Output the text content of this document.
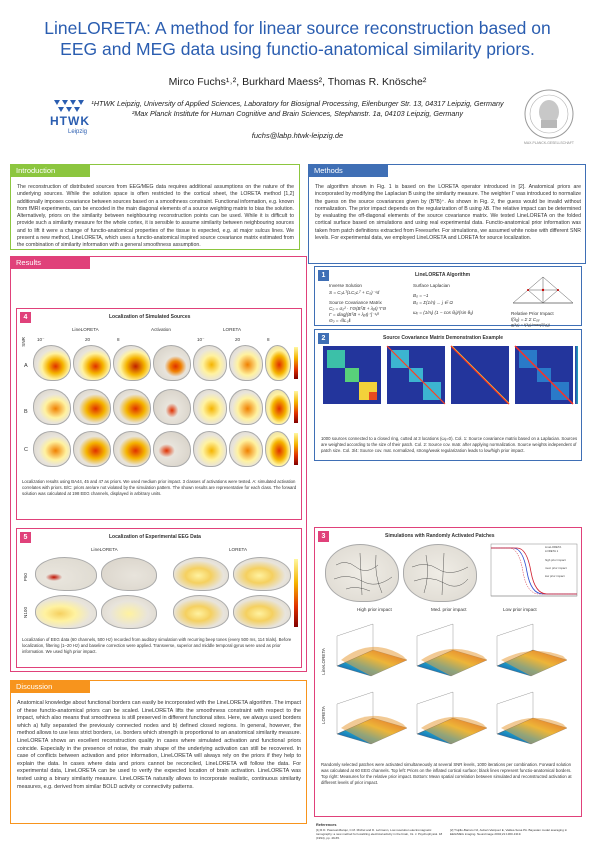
LineLORETA: A method for linear source reconstruction based on
EEG and MEG data using functio-anatomical similarity priors.
Mirco Fuchs¹˒², Burkhard Maess², Thomas R. Knösche²
¹HTWK Leipzig, University of Applied Sciences, Laboratory for Biosignal Processing, Eilenburger Str. 13, 04317 Leipzig, Germany
²Max Planck Institute for Human Cognitive and Brain Sciences, Stephanstr. 1a, 04103 Leipzig, Germany
fuchs@labp.htwk-leipzig.de
HTWK
Leipzig
MAX-PLANCK-GESELLSCHAFT
Introduction
The reconstruction of distributed sources from EEG/MEG data requires additional assumptions on the nature of the underlying sources. While the solution space is often restricted to the cortical sheet, the LORETA method [1,2] additionally imposes covariance between sources based on a smoothness constraint. Functional information, e.g. known from fMRI experiments, can be encoded in the main diagonal elements of a source weighting matrix to bias the solution. Alternatively, priors on the similarity between neighbouring reconstruction points can be used. While it is difficult to provide such a similarity measure for the whole cortex, it is sensible to assume similarity between neighbouring sources and to lift it were a change of functio-anatomical properties of the tissue is expected, e.g. at major sulcus lines. We present a new method, LineLORETA, which uses a functio-anatomical inspired source covariance matrix estimated from the combination of similarity information with a general smoothness assumption.
Methods
The algorithm shown in Fig. 1 is based on the LORETA operator introduced in [2]. Anatomical priors are incorporated by modifying the Laplacian B using the similarity measure. The weighter Γ was introduced to normalize the guess on the source covariances given by (BᵀB)⁺. As shown in Fig. 2, the guess would be invalid without normalization. The prior impact depends on the regularization of B using λB. The relative impact can be determined by evaluating the off-diagonal elements of the source covariance matrix. We tested LineLORETA on the folded cortical surface based on simulations and using real experimental data. Functio-anatomical prior information was taken from patch definitions extracted from Freesurfer. For simulations, we assumed white noise with different SNR levels. For experimental data, we employed LineLORETA and LORETA for source localization.
1	LineLORETA Algorithm
Inverse Solution
S = C₀Lᵀ(LC₀Lᵀ + C₀)⁻¹d
Source Covariance Matrix
C₀ = σ₀² · ΓΘ(BᵀB + λᵦI)⁺ΓΘ
Γ = diag[(BᵀB + λᵦI)⁺]⁻¹/²
Θ₀ = √‖L₀‖
Surface Laplacian
B₀ = −1
B₀ = Σ(1/n) ... j ∈ Ω
ωᵢⱼ = (1/nᵢ) (1 − cos θᵢⱼ)/(sin θᵢⱼ)	Relative Prior Impact
f(λᵦ) = Σ Σ C₀ᵢⱼ
g(λᵦ) = f(λᵦ)/max(f(λᵦ))
2	Source Covariance Matrix Demonstration Example
1000 sources connected to a closed ring, cutted at 3 locations (ωᵢⱼ=0). Col. 1: Source covariance matrix based on a Laplacian. Sources are weighted according to the size of their patch. Col. 2: Source cov. matr. after applying normalization. Source weights independent of patch size. Col. 3/4: Source cov. mat. normalized, strong/weak regularization leads to low/high prior impact.
Results
4	Localization of Simulated Sources
LineLORETA	Activation	LORETA
SNR 10⁻	20	8	10⁻	20	8
A
B
C
Localization results using BA44, 45 and 47 as priors. We used medium prior impact. 3 classes of activations were tested. A: simulated activation correlates with priors. B/C: priors are/are not violated by the simulation pattern. The shown results are representative for each class. The forward solution was calculated at 198 EEG channels, displayed in arbitrary units.
5	Localization of Experimental EEG Data
LineLORETA	LORETA
P50
N100
Localization of EEG data (60 channels, 500 Hz) recorded from auditory simulation with recurring beep tones (every 500 ms, 114 trials). Before localization, filtering (1–20 Hz) and baseline correction were applied. Transverse, superior and middle temporal gyrus were used as prior information. We used high prior impact.
3	Simulations with Randomly Activated Patches
LineLORETA
LORETA 1
high prior impact
med. prior impact
low prior impact
High prior impact	Med. prior impact	Low prior impact
LineLORETA
LORETA
Randomly selected patches were activated simultaneously at several SNR levels, 1000 iterations per combination. Forward solution was calculated at 60 EEG channels. Top left: Priors on the inflated cortical surface; black lines represent functio-anatomical borders. Top right: Measures for the relative prior impact. Bottom: Mean spatial correlation between simulated and reconstructed activation at different levels of prior impact.
Discussion
Anatomical knowledge about functional borders can easily be incorporated with the LineLORETA algorithm. The impact of these functio-anatomical priors can be scaled. LineLORETA lifts the smoothness constraint with respect to the impact, which also means that smoothness is still preserved in different functional sites. Here, we always used borders which a) fully separated the previously connected nodes and b) defined closed regions. In general, however, the method allows to use less strict borders, i.e. borders which strength is proportional to an anatomical similarity measure. LineLORETA shows an excellent reconstruction quality in cases where simulated activation and functional priors coincide. Especially in the presence of noise, the main shape of the underlying activation can still be recovered. In case of conflicts between activation and prior information, LineLORETA will always rely on the priors if they help to explain the data. In cases where data and priors cannot be reconciled, LineLORETA will follow the data. For experimental data, LineLORETA can be used to verify the expected location of brain activation. LineLORETA was tested using a binary similarity measure. LineLORETA naturally allows to incorporate realistic, continuous similarity measures, e.g. derived from similar BOLD activity or connectivity patterns.
References
[1] R.D. Pascual-Marqui, C.M. Michel and D. Lehmann, Low resolution electromagnetic tomography: a new method for localizing electrical activity in the brain, Int. J. Psychophysiol. 18 (1994), pp. 49-65.
[2] Trujillo-Barreto NJ, Aubert-Vazquez E, Valdes-Sosa PA. Bayesian model averaging in EEG/MEG imaging. NeuroImage 2004;21:1300-1319.
